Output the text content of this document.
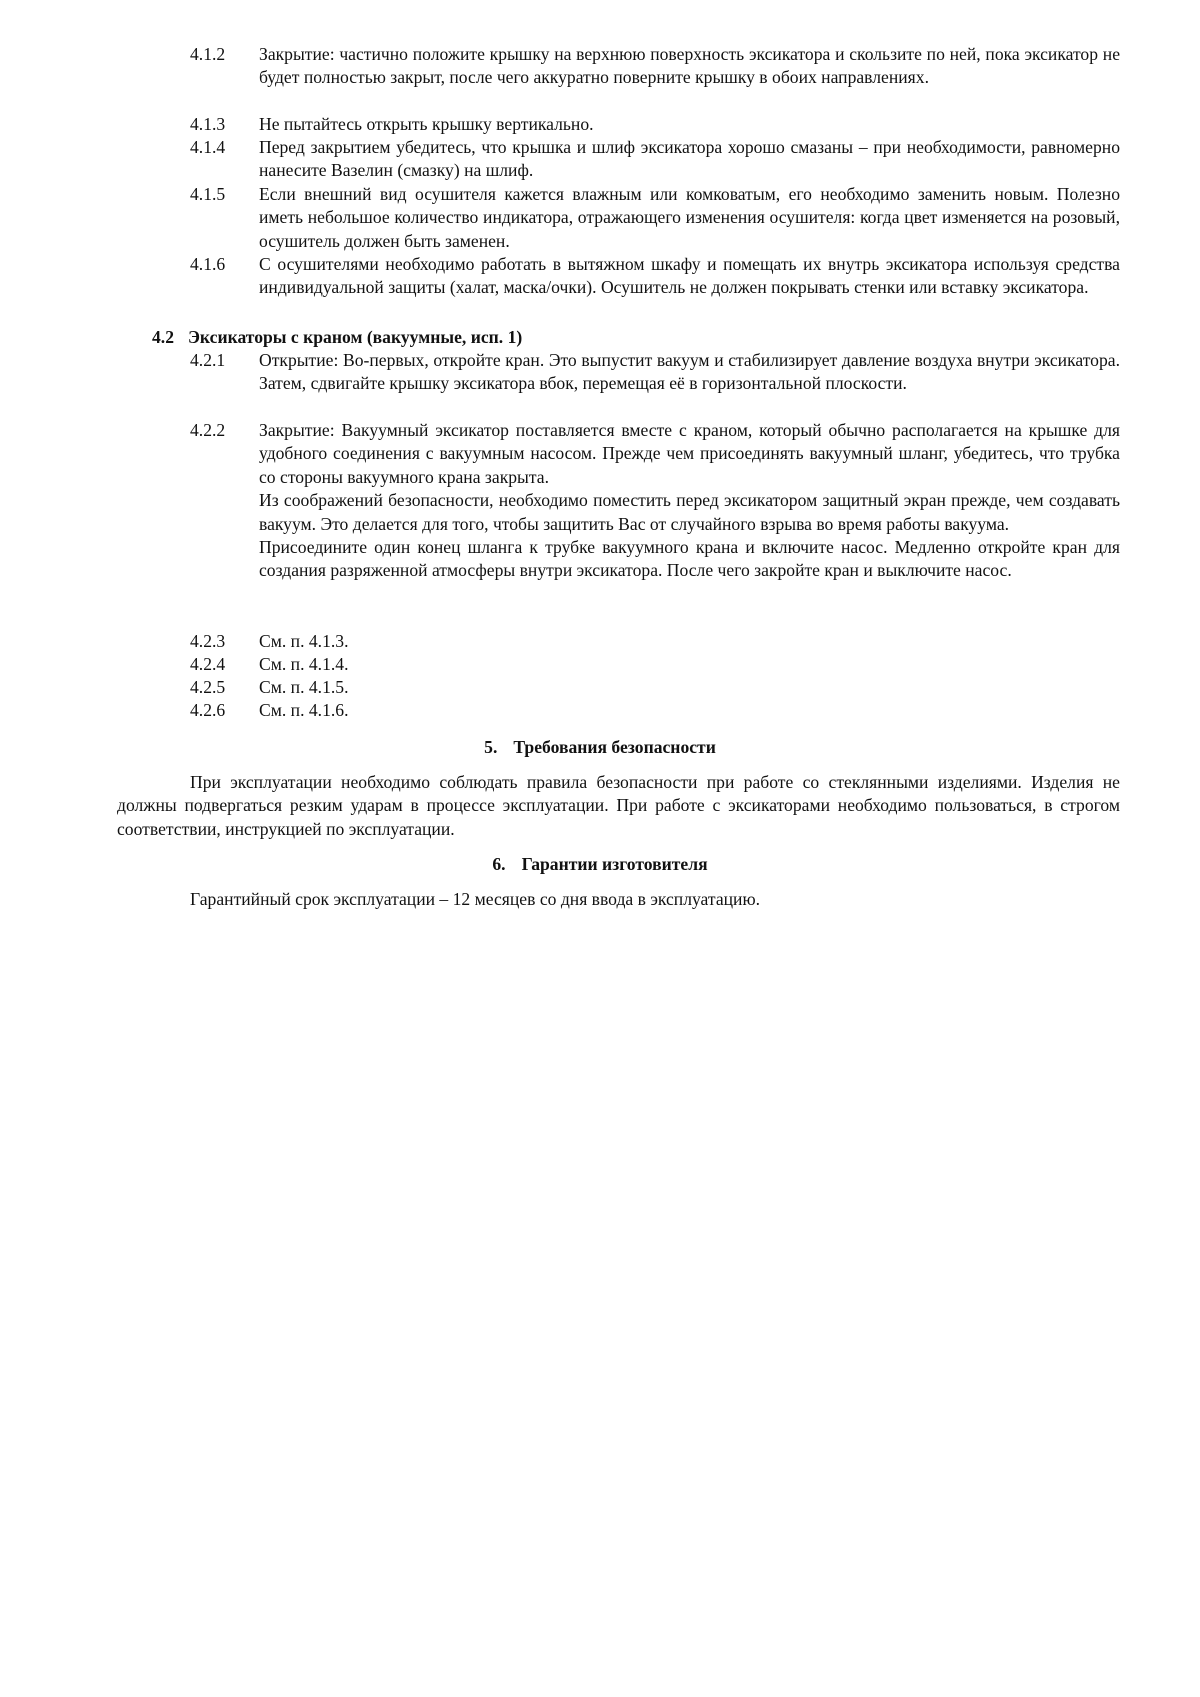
4.1.2 Закрытие: частично положите крышку на верхнюю поверхность эксикатора и скользите по ней, пока эксикатор не будет полностью закрыт, после чего аккуратно поверните крышку в обоих направлениях.
4.1.3 Не пытайтесь открыть крышку вертикально.
4.1.4 Перед закрытием убедитесь, что крышка и шлиф эксикатора хорошо смазаны – при необходимости, равномерно нанесите Вазелин (смазку) на шлиф.
4.1.5 Если внешний вид осушителя кажется влажным или комковатым, его необходимо заменить новым. Полезно иметь небольшое количество индикатора, отражающего изменения осушителя: когда цвет изменяется на розовый, осушитель должен быть заменен.
4.1.6 С осушителями необходимо работать в вытяжном шкафу и помещать их внутрь эксикатора используя средства индивидуальной защиты (халат, маска/очки). Осушитель не должен покрывать стенки или вставку эксикатора.
4.2 Эксикаторы с краном (вакуумные, исп. 1)
4.2.1 Открытие: Во-первых, откройте кран. Это выпустит вакуум и стабилизирует давление воздуха внутри эксикатора. Затем, сдвигайте крышку эксикатора вбок, перемещая её в горизонтальной плоскости.

4.2.2 Закрытие: Вакуумный эксикатор поставляется вместе с краном, который обычно располагается на крышке для удобного соединения с вакуумным насосом. Прежде чем присоединять вакуумный шланг, убедитесь, что трубка со стороны вакуумного крана закрыта.

Из соображений безопасности, необходимо поместить перед эксикатором защитный экран прежде, чем создавать вакуум. Это делается для того, чтобы защитить Вас от случайного взрыва во время работы вакуума.

Присоедините один конец шланга к трубке вакуумного крана и включите насос. Медленно откройте кран для создания разряженной атмосферы внутри эксикатора. После чего закройте кран и выключите насос.

4.2.3 См. п. 4.1.3.

4.2.4 См. п. 4.1.4.

4.2.5 См. п. 4.1.5.

4.2.6 См. п. 4.1.6.

5. Требования безопасности

При эксплуатации необходимо соблюдать правила безопасности при работе со стеклянными изделиями. Изделия не должны подвергаться резким ударам в процессе эксплуатации. При работе с эксикаторами необходимо пользоваться, в строгом соответствии, инструкцией по эксплуатации.

6. Гарантии изготовителя

Гарантийный срок эксплуатации – 12 месяцев со дня ввода в эксплуатацию.
